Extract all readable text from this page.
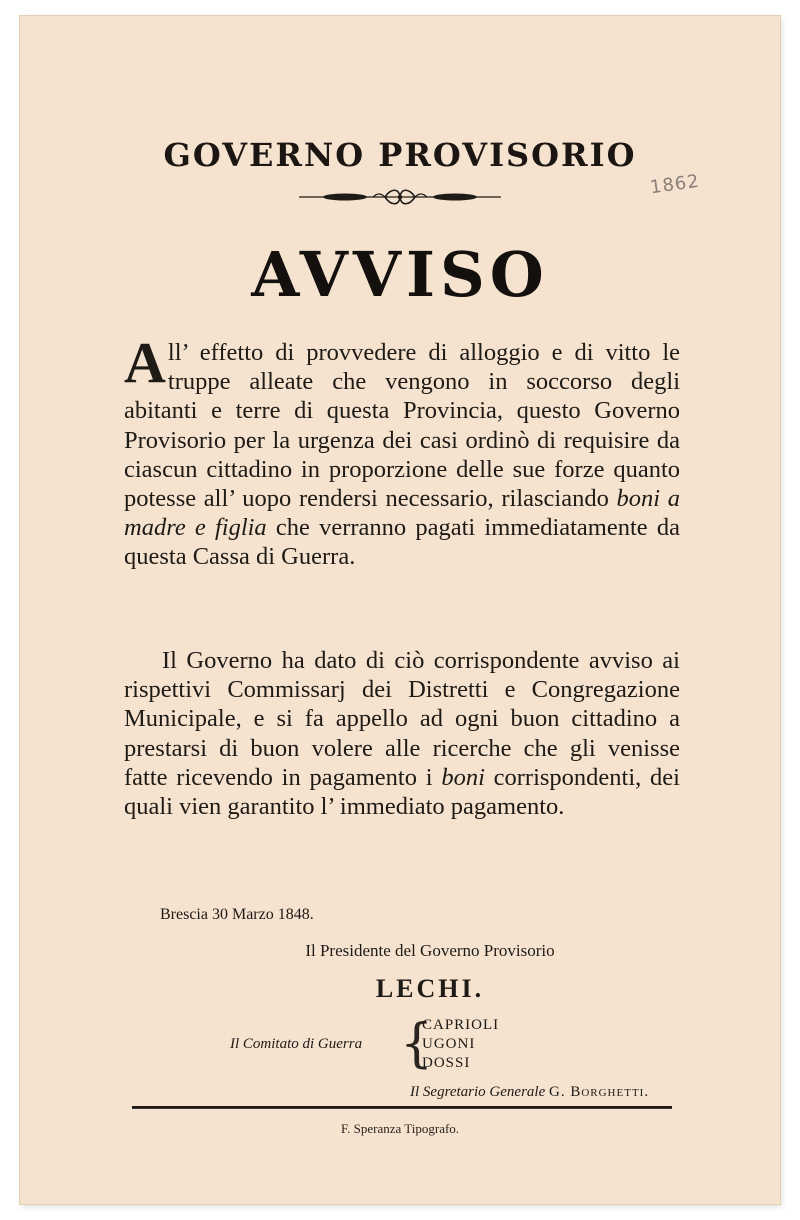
GOVERNO PROVISORIO
1862
AVVISO
All’ effetto di provvedere di alloggio e di vitto le truppe alleate che vengono in soccorso degli abitanti e terre di questa Provincia, questo Governo Provisorio per la urgenza dei casi ordinò di requisire da ciascun cittadino in proporzione delle sue forze quanto potesse all’ uopo rendersi necessario, rilasciando boni a madre e figlia che verranno pagati immediatamente da questa Cassa di Guerra.
Il Governo ha dato di ciò corrispondente avviso ai rispettivi Commissarj dei Distretti e Congregazione Municipale, e si fa appello ad ogni buon cittadino a prestarsi di buon volere alle ricerche che gli venisse fatte ricevendo in pagamento i boni corrispondenti, dei quali vien garantito l’ immediato pagamento.
Brescia 30 Marzo 1848.
Il Presidente del Governo Provisorio
LECHI.
Il Comitato di Guerra {
CAPRIOLI
UGONI
DOSSI
Il Segretario Generale G. Borghetti.
F. Speranza Tipografo.
